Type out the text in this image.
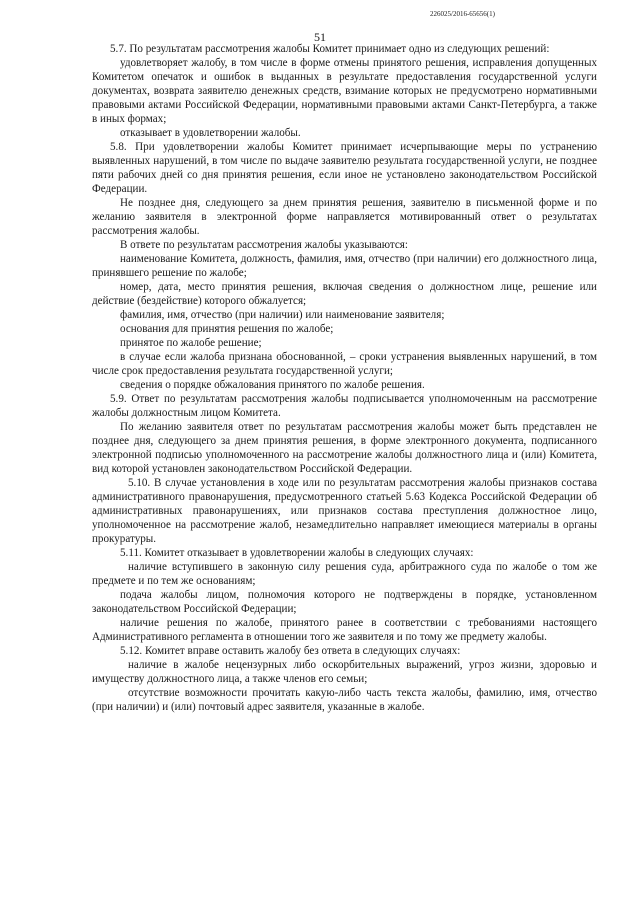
226025/2016-65656(1)
51

5.7. По результатам рассмотрения жалобы Комитет принимает одно из следующих решений:

удовлетворяет жалобу, в том числе в форме отмены принятого решения, исправления допущенных Комитетом опечаток и ошибок в выданных в результате предоставления государственной услуги документах, возврата заявителю денежных средств, взимание которых не предусмотрено нормативными правовыми актами Российской Федерации, нормативными правовыми актами Санкт-Петербурга, а также в иных формах;

отказывает в удовлетворении жалобы.

5.8. При удовлетворении жалобы Комитет принимает исчерпывающие меры по устранению выявленных нарушений, в том числе по выдаче заявителю результата государственной услуги, не позднее пяти рабочих дней со дня принятия решения, если иное не установлено законодательством Российской Федерации.

Не позднее дня, следующего за днем принятия решения, заявителю в письменной форме и по желанию заявителя в электронной форме направляется мотивированный ответ о результатах рассмотрения жалобы.

В ответе по результатам рассмотрения жалобы указываются:

наименование Комитета, должность, фамилия, имя, отчество (при наличии) его должностного лица, принявшего решение по жалобе;

номер, дата, место принятия решения, включая сведения о должностном лице, решение или действие (бездействие) которого обжалуется;

фамилия, имя, отчество (при наличии) или наименование заявителя;

основания для принятия решения по жалобе;

принятое по жалобе решение;

в случае если жалоба признана обоснованной, – сроки устранения выявленных нарушений, в том числе срок предоставления результата государственной услуги;

сведения о порядке обжалования принятого по жалобе решения.

5.9. Ответ по результатам рассмотрения жалобы подписывается уполномоченным на рассмотрение жалобы должностным лицом Комитета.

По желанию заявителя ответ по результатам рассмотрения жалобы может быть представлен не позднее дня, следующего за днем принятия решения, в форме электронного документа, подписанного электронной подписью уполномоченного на рассмотрение жалобы должностного лица и (или) Комитета, вид которой установлен законодательством Российской Федерации.

5.10. В случае установления в ходе или по результатам рассмотрения жалобы признаков состава административного правонарушения, предусмотренного статьей 5.63 Кодекса Российской Федерации об административных правонарушениях, или признаков состава преступления должностное лицо, уполномоченное на рассмотрение жалоб, незамедлительно направляет имеющиеся материалы в органы прокуратуры.

5.11. Комитет отказывает в удовлетворении жалобы в следующих случаях:

наличие вступившего в законную силу решения суда, арбитражного суда по жалобе о том же предмете и по тем же основаниям;

подача жалобы лицом, полномочия которого не подтверждены в порядке, установленном законодательством Российской Федерации;

наличие решения по жалобе, принятого ранее в соответствии с требованиями настоящего Административного регламента в отношении того же заявителя и по тому же предмету жалобы.

5.12. Комитет вправе оставить жалобу без ответа в следующих случаях:

наличие в жалобе нецензурных либо оскорбительных выражений, угроз жизни, здоровью и имуществу должностного лица, а также членов его семьи;

отсутствие возможности прочитать какую-либо часть текста жалобы, фамилию, имя, отчество (при наличии) и (или) почтовый адрес заявителя, указанные в жалобе.
